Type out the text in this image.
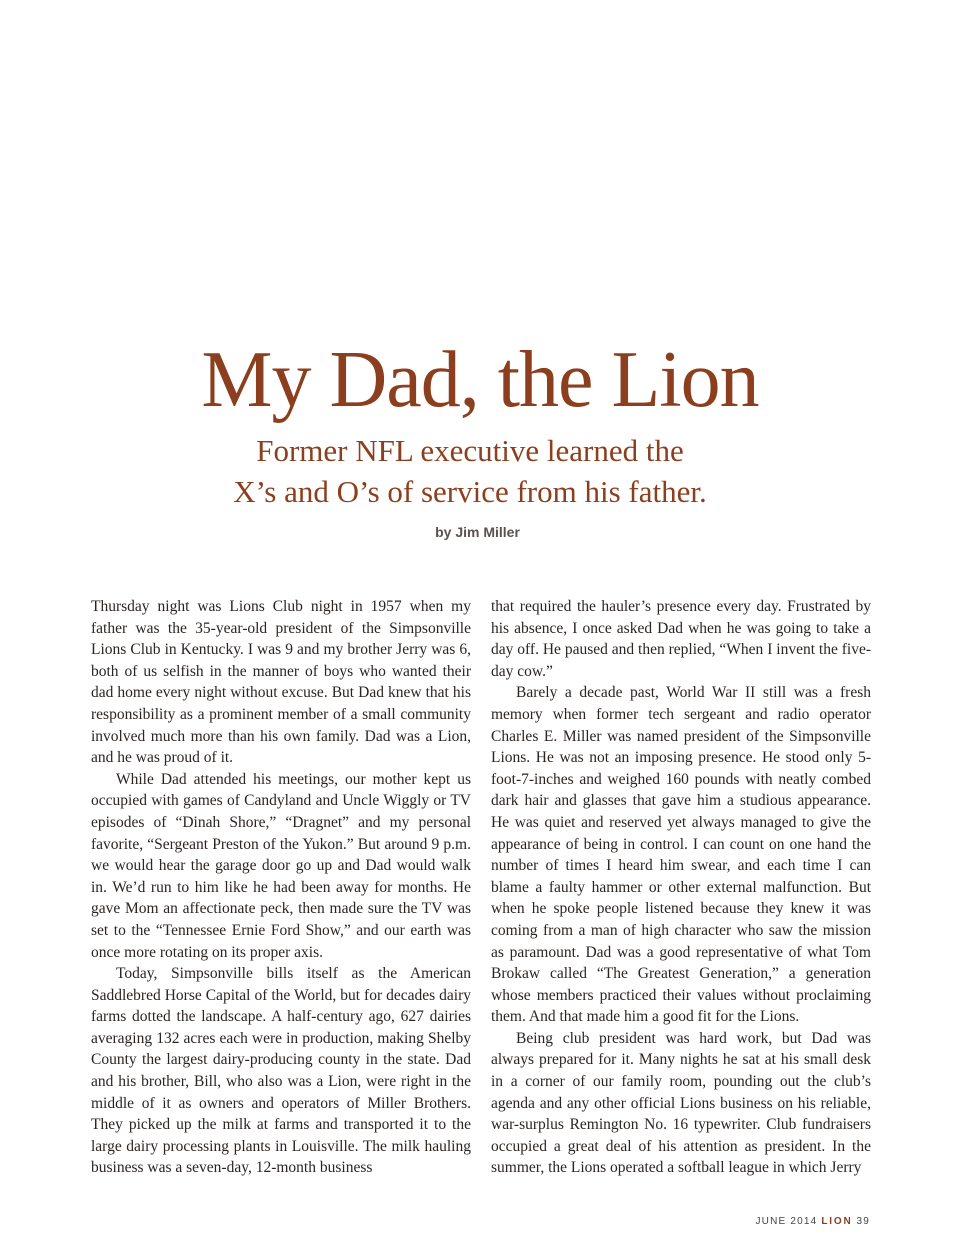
My Dad, the Lion
Former NFL executive learned the
X’s and O’s of service from his father.
by Jim Miller

Thursday night was Lions Club night in 1957 when my father was the 35-year-old president of the Simpsonville Lions Club in Kentucky. I was 9 and my brother Jerry was 6, both of us selfish in the manner of boys who wanted their dad home every night without excuse. But Dad knew that his responsibility as a prominent member of a small community involved much more than his own family. Dad was a Lion, and he was proud of it.

While Dad attended his meetings, our mother kept us occupied with games of Candyland and Uncle Wiggly or TV episodes of “Dinah Shore,” “Dragnet” and my personal favorite, “Sergeant Preston of the Yukon.” But around 9 p.m. we would hear the garage door go up and Dad would walk in. We’d run to him like he had been away for months. He gave Mom an affectionate peck, then made sure the TV was set to the “Tennessee Ernie Ford Show,” and our earth was once more rotating on its proper axis.

Today, Simpsonville bills itself as the American Saddlebred Horse Capital of the World, but for decades dairy farms dotted the landscape. A half-century ago, 627 dairies averaging 132 acres each were in production, making Shelby County the largest dairy-producing county in the state. Dad and his brother, Bill, who also was a Lion, were right in the middle of it as owners and operators of Miller Brothers. They picked up the milk at farms and transported it to the large dairy processing plants in Louisville. The milk hauling business was a seven-day, 12-month business

that required the hauler’s presence every day. Frustrated by his absence, I once asked Dad when he was going to take a day off. He paused and then replied, “When I invent the five-day cow.”

Barely a decade past, World War II still was a fresh memory when former tech sergeant and radio operator Charles E. Miller was named president of the Simpsonville Lions. He was not an imposing presence. He stood only 5-foot-7-inches and weighed 160 pounds with neatly combed dark hair and glasses that gave him a studious appearance. He was quiet and reserved yet always managed to give the appearance of being in control. I can count on one hand the number of times I heard him swear, and each time I can blame a faulty hammer or other external malfunction. But when he spoke people listened because they knew it was coming from a man of high character who saw the mission as paramount. Dad was a good representative of what Tom Brokaw called “The Greatest Generation,” a generation whose members practiced their values without proclaiming them. And that made him a good fit for the Lions.

Being club president was hard work, but Dad was always prepared for it. Many nights he sat at his small desk in a corner of our family room, pounding out the club’s agenda and any other official Lions business on his reliable, war-surplus Remington No. 16 typewriter. Club fundraisers occupied a great deal of his attention as president. In the summer, the Lions operated a softball league in which Jerry

JUNE 2014 LION 39
